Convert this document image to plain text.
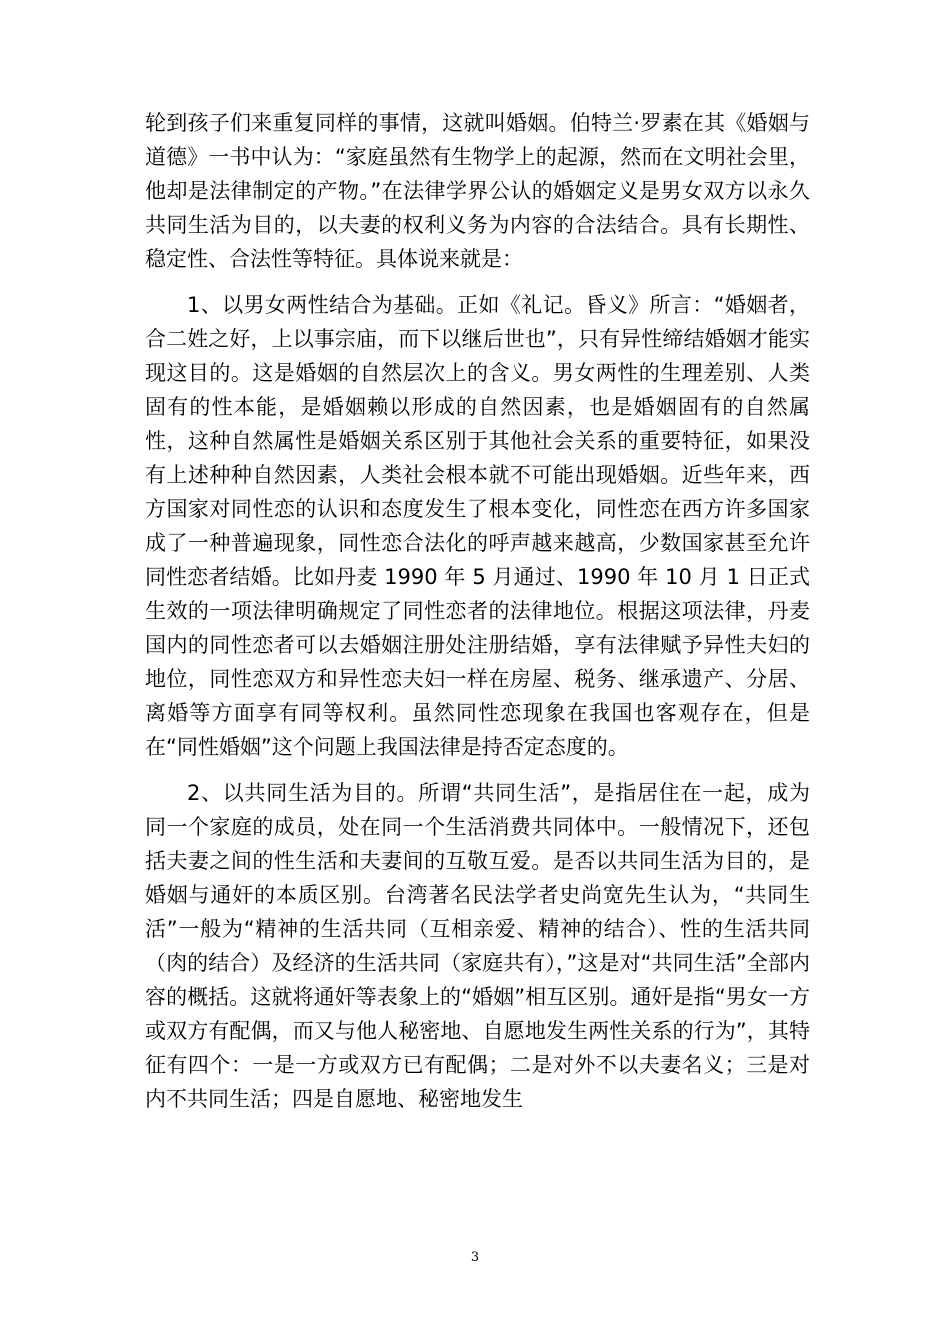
轮到孩子们来重复同样的事情，这就叫婚姻。伯特兰·罗素在其《婚姻与道德》一书中认为：“家庭虽然有生物学上的起源，然而在文明社会里，他却是法律制定的产物。”在法律学界公认的婚姻定义是男女双方以永久共同生活为目的，以夫妻的权利义务为内容的合法结合。具有长期性、稳定性、合法性等特征。具体说来就是：

1、以男女两性结合为基础。正如《礼记。昏义》所言：“婚姻者，合二姓之好，上以事宗庙，而下以继后世也”，只有异性缔结婚姻才能实现这目的。这是婚姻的自然层次上的含义。男女两性的生理差别、人类固有的性本能，是婚姻赖以形成的自然因素，也是婚姻固有的自然属性，这种自然属性是婚姻关系区别于其他社会关系的重要特征，如果没有上述种种自然因素，人类社会根本就不可能出现婚姻。近些年来，西方国家对同性恋的认识和态度发生了根本变化，同性恋在西方许多国家成了一种普遍现象，同性恋合法化的呼声越来越高，少数国家甚至允许同性恋者结婚。比如丹麦 1990 年 5 月通过、1990 年 10 月 1 日正式生效的一项法律明确规定了同性恋者的法律地位。根据这项法律，丹麦国内的同性恋者可以去婚姻注册处注册结婚，享有法律赋予异性夫妇的地位，同性恋双方和异性恋夫妇一样在房屋、税务、继承遗产、分居、离婚等方面享有同等权利。虽然同性恋现象在我国也客观存在，但是在“同性婚姻”这个问题上我国法律是持否定态度的。

2、以共同生活为目的。所谓“共同生活”，是指居住在一起，成为同一个家庭的成员，处在同一个生活消费共同体中。一般情况下，还包括夫妻之间的性生活和夫妻间的互敬互爱。是否以共同生活为目的，是婚姻与通奸的本质区别。台湾著名民法学者史尚宽先生认为，“共同生活”一般为“精神的生活共同（互相亲爱、精神的结合）、性的生活共同（肉的结合）及经济的生活共同（家庭共有），”这是对“共同生活”全部内容的概括。这就将通奸等表象上的“婚姻”相互区别。通奸是指“男女一方或双方有配偶，而又与他人秘密地、自愿地发生两性关系的行为”，其特征有四个：一是一方或双方已有配偶；二是对外不以夫妻名义；三是对内不共同生活；四是自愿地、秘密地发生

3
